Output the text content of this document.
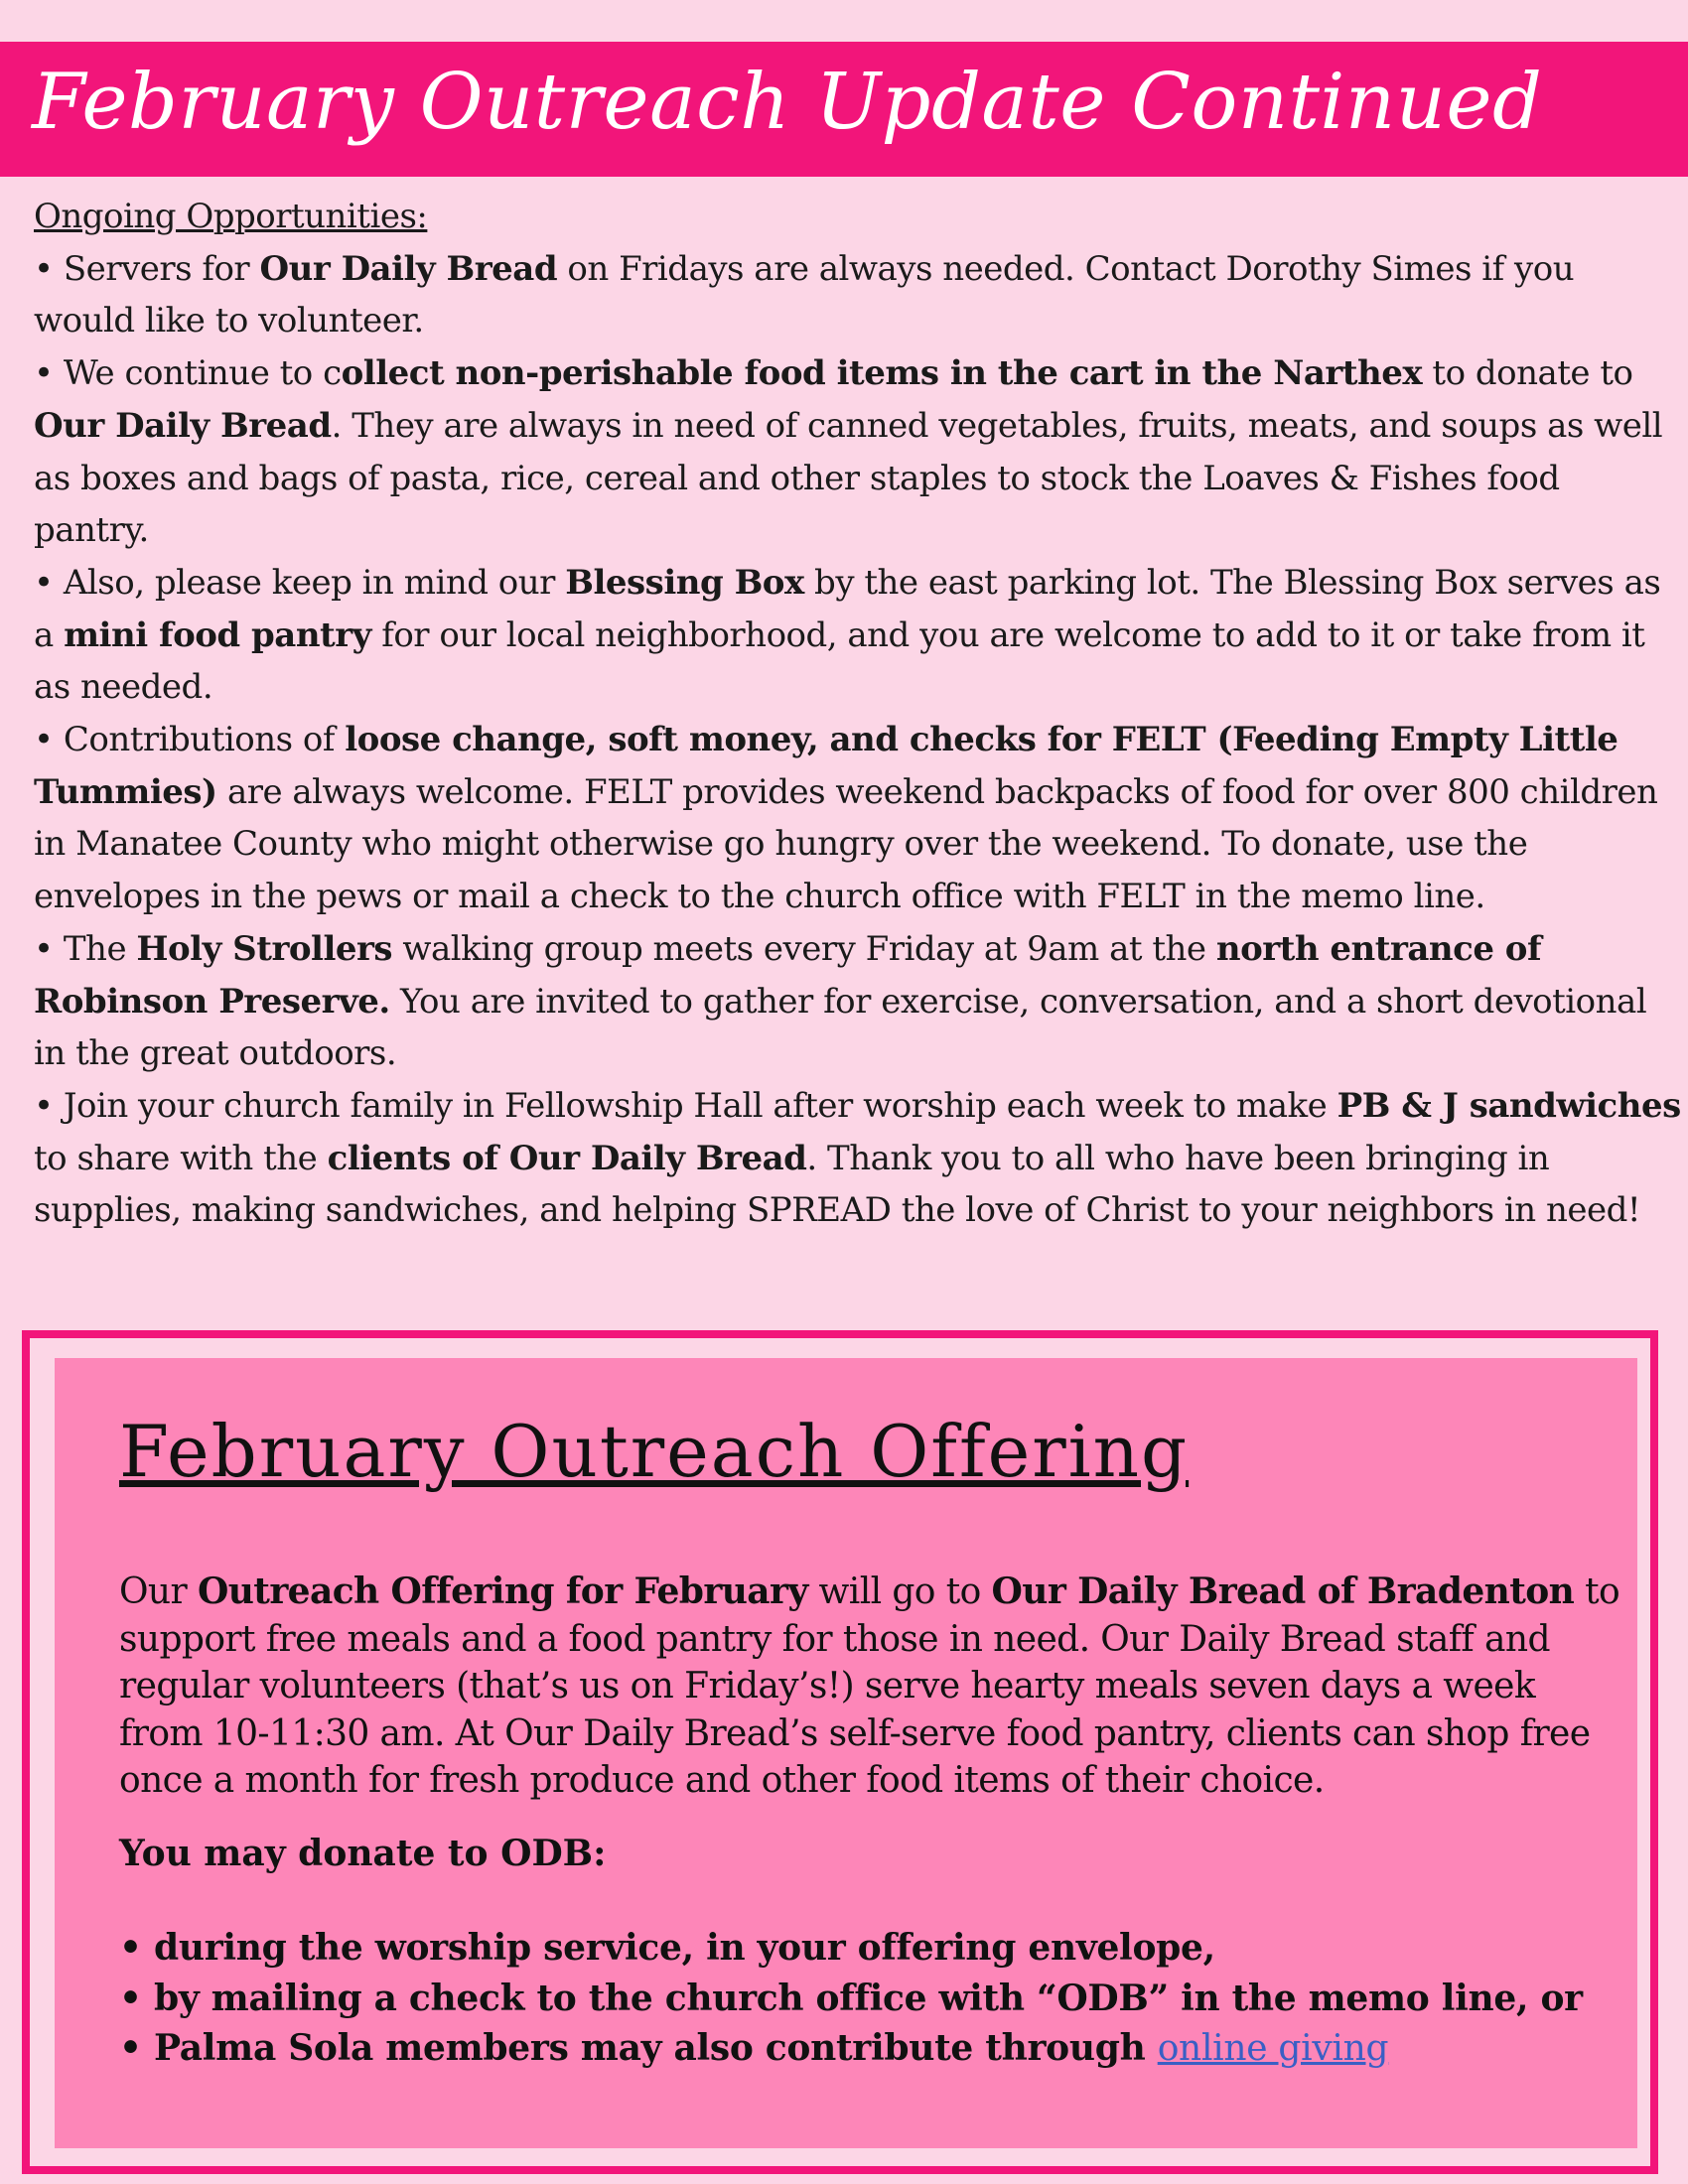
February Outreach Update Continued
Ongoing Opportunities:
• Servers for Our Daily Bread on Fridays are always needed. Contact Dorothy Simes if you would like to volunteer.
• We continue to collect non-perishable food items in the cart in the Narthex to donate to Our Daily Bread. They are always in need of canned vegetables, fruits, meats, and soups as well as boxes and bags of pasta, rice, cereal and other staples to stock the Loaves & Fishes food pantry.
• Also, please keep in mind our Blessing Box by the east parking lot. The Blessing Box serves as a mini food pantry for our local neighborhood, and you are welcome to add to it or take from it as needed.
• Contributions of loose change, soft money, and checks for FELT (Feeding Empty Little Tummies) are always welcome. FELT provides weekend backpacks of food for over 800 children in Manatee County who might otherwise go hungry over the weekend. To donate, use the envelopes in the pews or mail a check to the church office with FELT in the memo line.
• The Holy Strollers walking group meets every Friday at 9am at the north entrance of Robinson Preserve. You are invited to gather for exercise, conversation, and a short devotional in the great outdoors.
• Join your church family in Fellowship Hall after worship each week to make PB & J sandwiches to share with the clients of Our Daily Bread. Thank you to all who have been bringing in supplies, making sandwiches, and helping SPREAD the love of Christ to your neighbors in need!
February Outreach Offering
Our Outreach Offering for February will go to Our Daily Bread of Bradenton to support free meals and a food pantry for those in need. Our Daily Bread staff and regular volunteers (that’s us on Friday’s!) serve hearty meals seven days a week from 10-11:30 am. At Our Daily Bread’s self-serve food pantry, clients can shop free once a month for fresh produce and other food items of their choice.
You may donate to ODB:
• during the worship service, in your offering envelope,
• by mailing a check to the church office with “ODB” in the memo line, or
• Palma Sola members may also contribute through online giving
